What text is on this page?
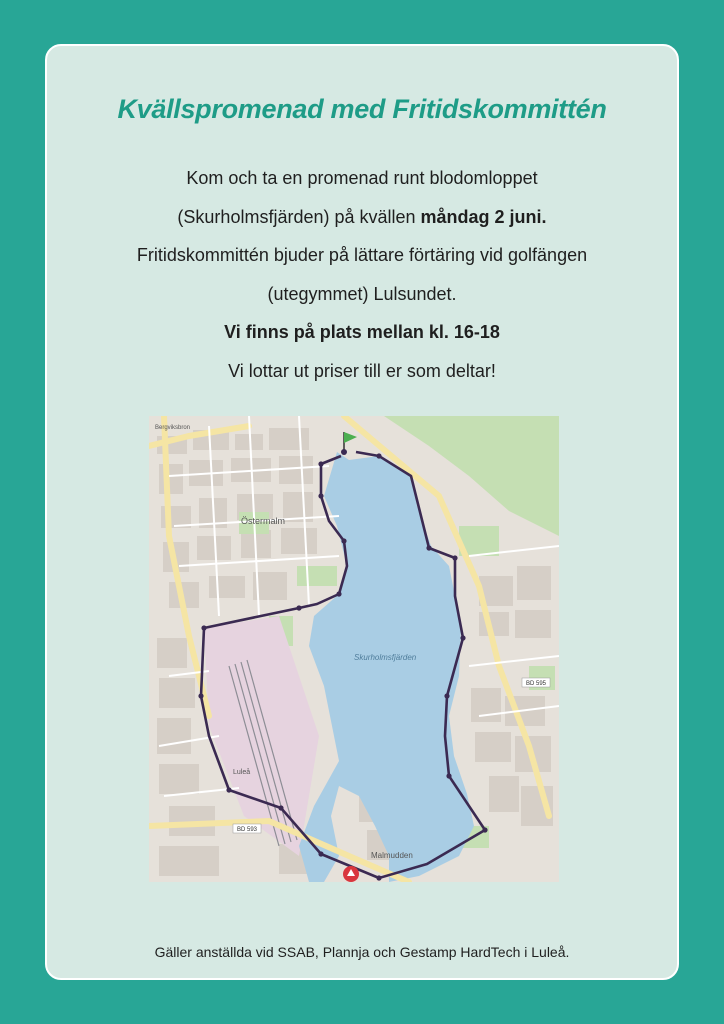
Kvällspromenad med Fritidskommittén

Kom och ta en promenad runt blodomloppet

(Skurholmsfjärden) på kvällen måndag 2 juni.

Fritidskommittén bjuder på lättare förtäring vid golfängen

(utegymmet) Lulsundet.

Vi finns på plats mellan kl. 16-18

Vi lottar ut priser till er som deltar!

Skurholmsfjärden
Östermalm
Malmudden
Luleå
Bergviksbron
BD 593
BD 595
Gäller anställda vid SSAB, Plannja och Gestamp HardTech i Luleå.
